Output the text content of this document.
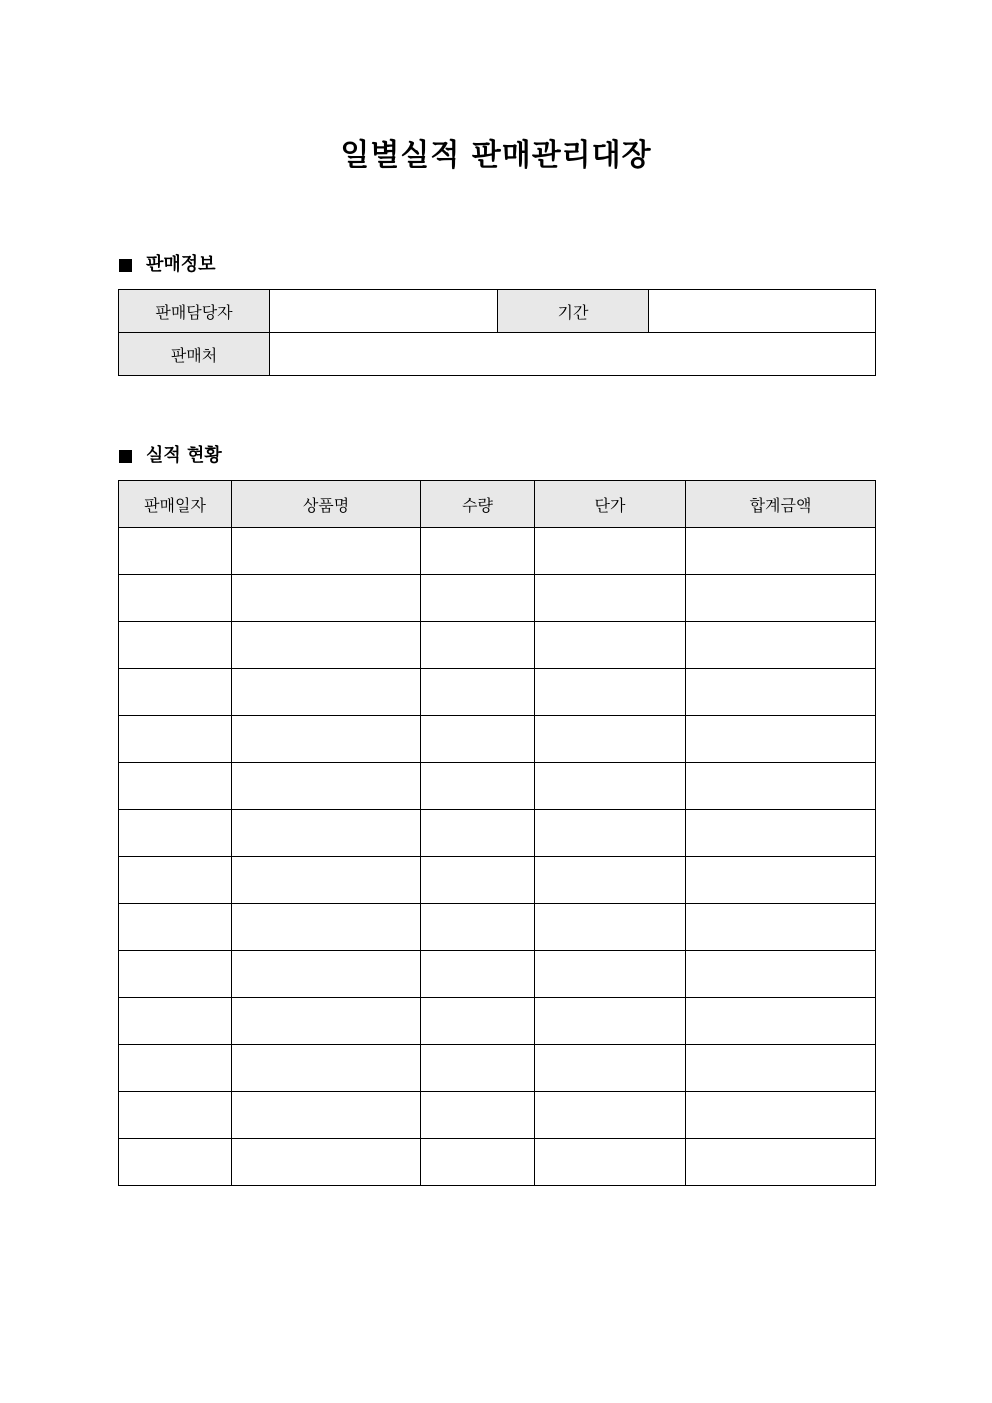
일별실적 판매관리대장
판매정보
판매담당자		기간	
판매처			
실적 현황
판매일자	상품명	수량	단가	합계금액
